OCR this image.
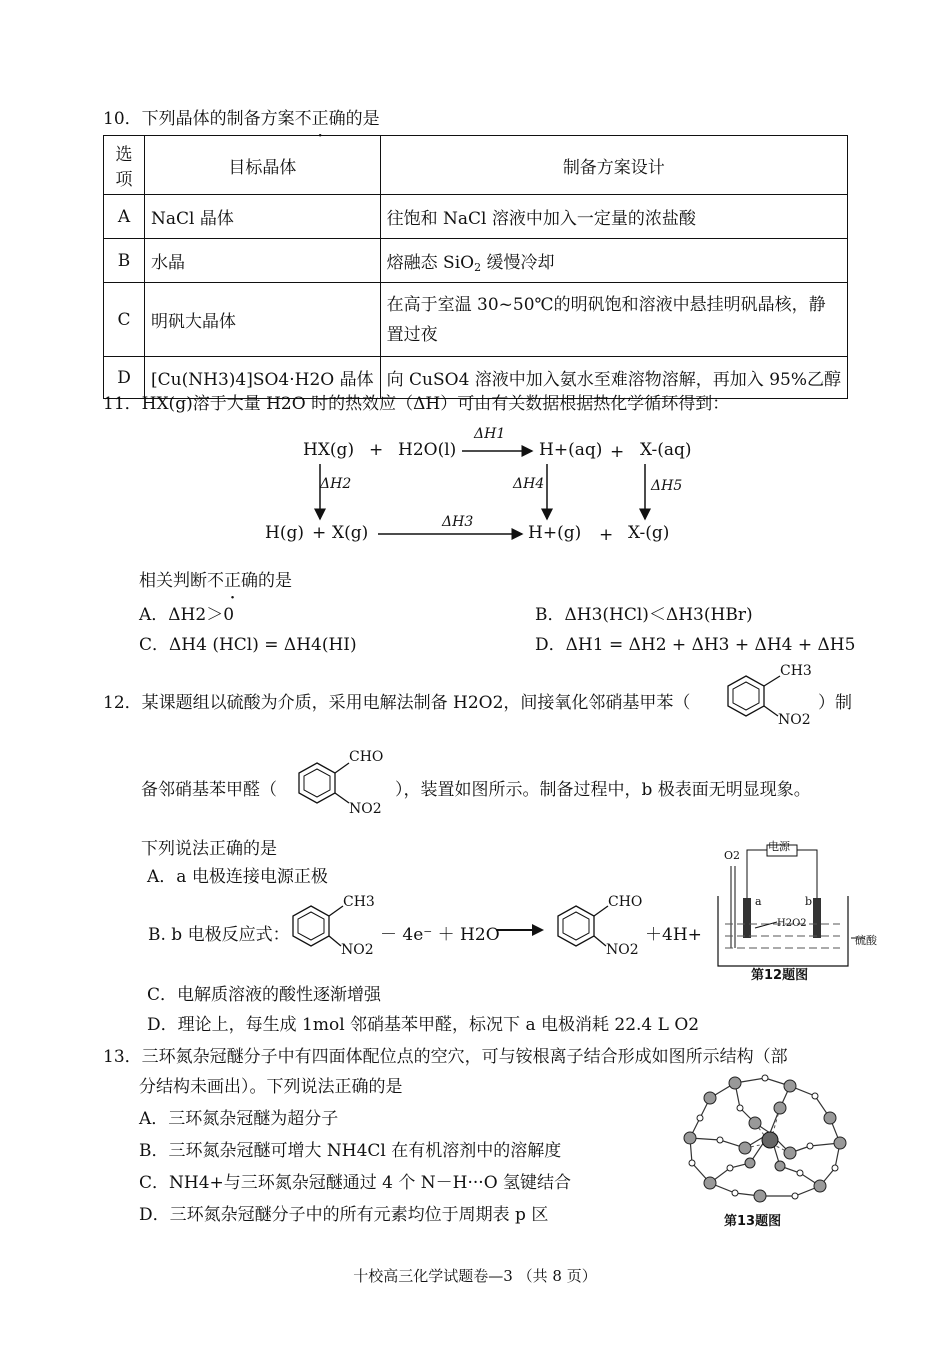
10．下列晶体的制备方案不正确的是
选项	目标晶体	制备方案设计
A	NaCl 晶体	往饱和 NaCl 溶液中加入一定量的浓盐酸
B	水晶	熔融态 SiO$_2$ 缓慢冷却
C	明矾大晶体	在高于室温 30~50℃的明矾饱和溶液中悬挂明矾晶核，静置过夜
D	[Cu(NH3)4]SO4·H2O 晶体	向 CuSO4 溶液中加入氨水至难溶物溶解，再加入 95%乙醇
11．HX(g)溶于大量 H2O 时的热效应（ΔH）可由有关数据根据热化学循环得到：
HX(g) + H2O(l)
ΔH1
H+(aq) + X-(aq)
ΔH2	ΔH4	ΔH5
H(g) + X(g)
ΔH3
H+(g) + X-(g)
相关判断不正确的是
A．ΔH2＞0	B．ΔH3(HCl)＜ΔH3(HBr)
C．ΔH4 (HCl) = ΔH4(HI)	D．ΔH1 = ΔH2 + ΔH3 + ΔH4 + ΔH5
12．某课题组以硫酸为介质，采用电解法制备 H2O2，间接氧化邻硝基甲苯（	）制
CH3
NO2
备邻硝基苯甲醛（
CHO
NO2
），装置如图所示。制备过程中，b 极表面无明显现象。
下列说法正确的是
A．a 电极连接电源正极
B. b 电极反应式：
CH3
NO2
－ 4e⁻ ＋ H2O
CHO
NO2
＋4H+
O2
电源
a	b
H2O2
硫酸
第12题图
C．电解质溶液的酸性逐渐增强
D．理论上，每生成 1mol 邻硝基苯甲醛，标况下 a 电极消耗 22.4 L O2
13．三环氮杂冠醚分子中有四面体配位点的空穴，可与铵根离子结合形成如图所示结构（部
分结构未画出）。下列说法正确的是
A．三环氮杂冠醚为超分子
B．三环氮杂冠醚可增大 NH4Cl 在有机溶剂中的溶解度
C．NH4+与三环氮杂冠醚通过 4 个 N－H···O 氢键结合
D．三环氮杂冠醚分子中的所有元素均位于周期表 p 区	第13题图
十校高三化学试题卷—3 （共 8 页）
